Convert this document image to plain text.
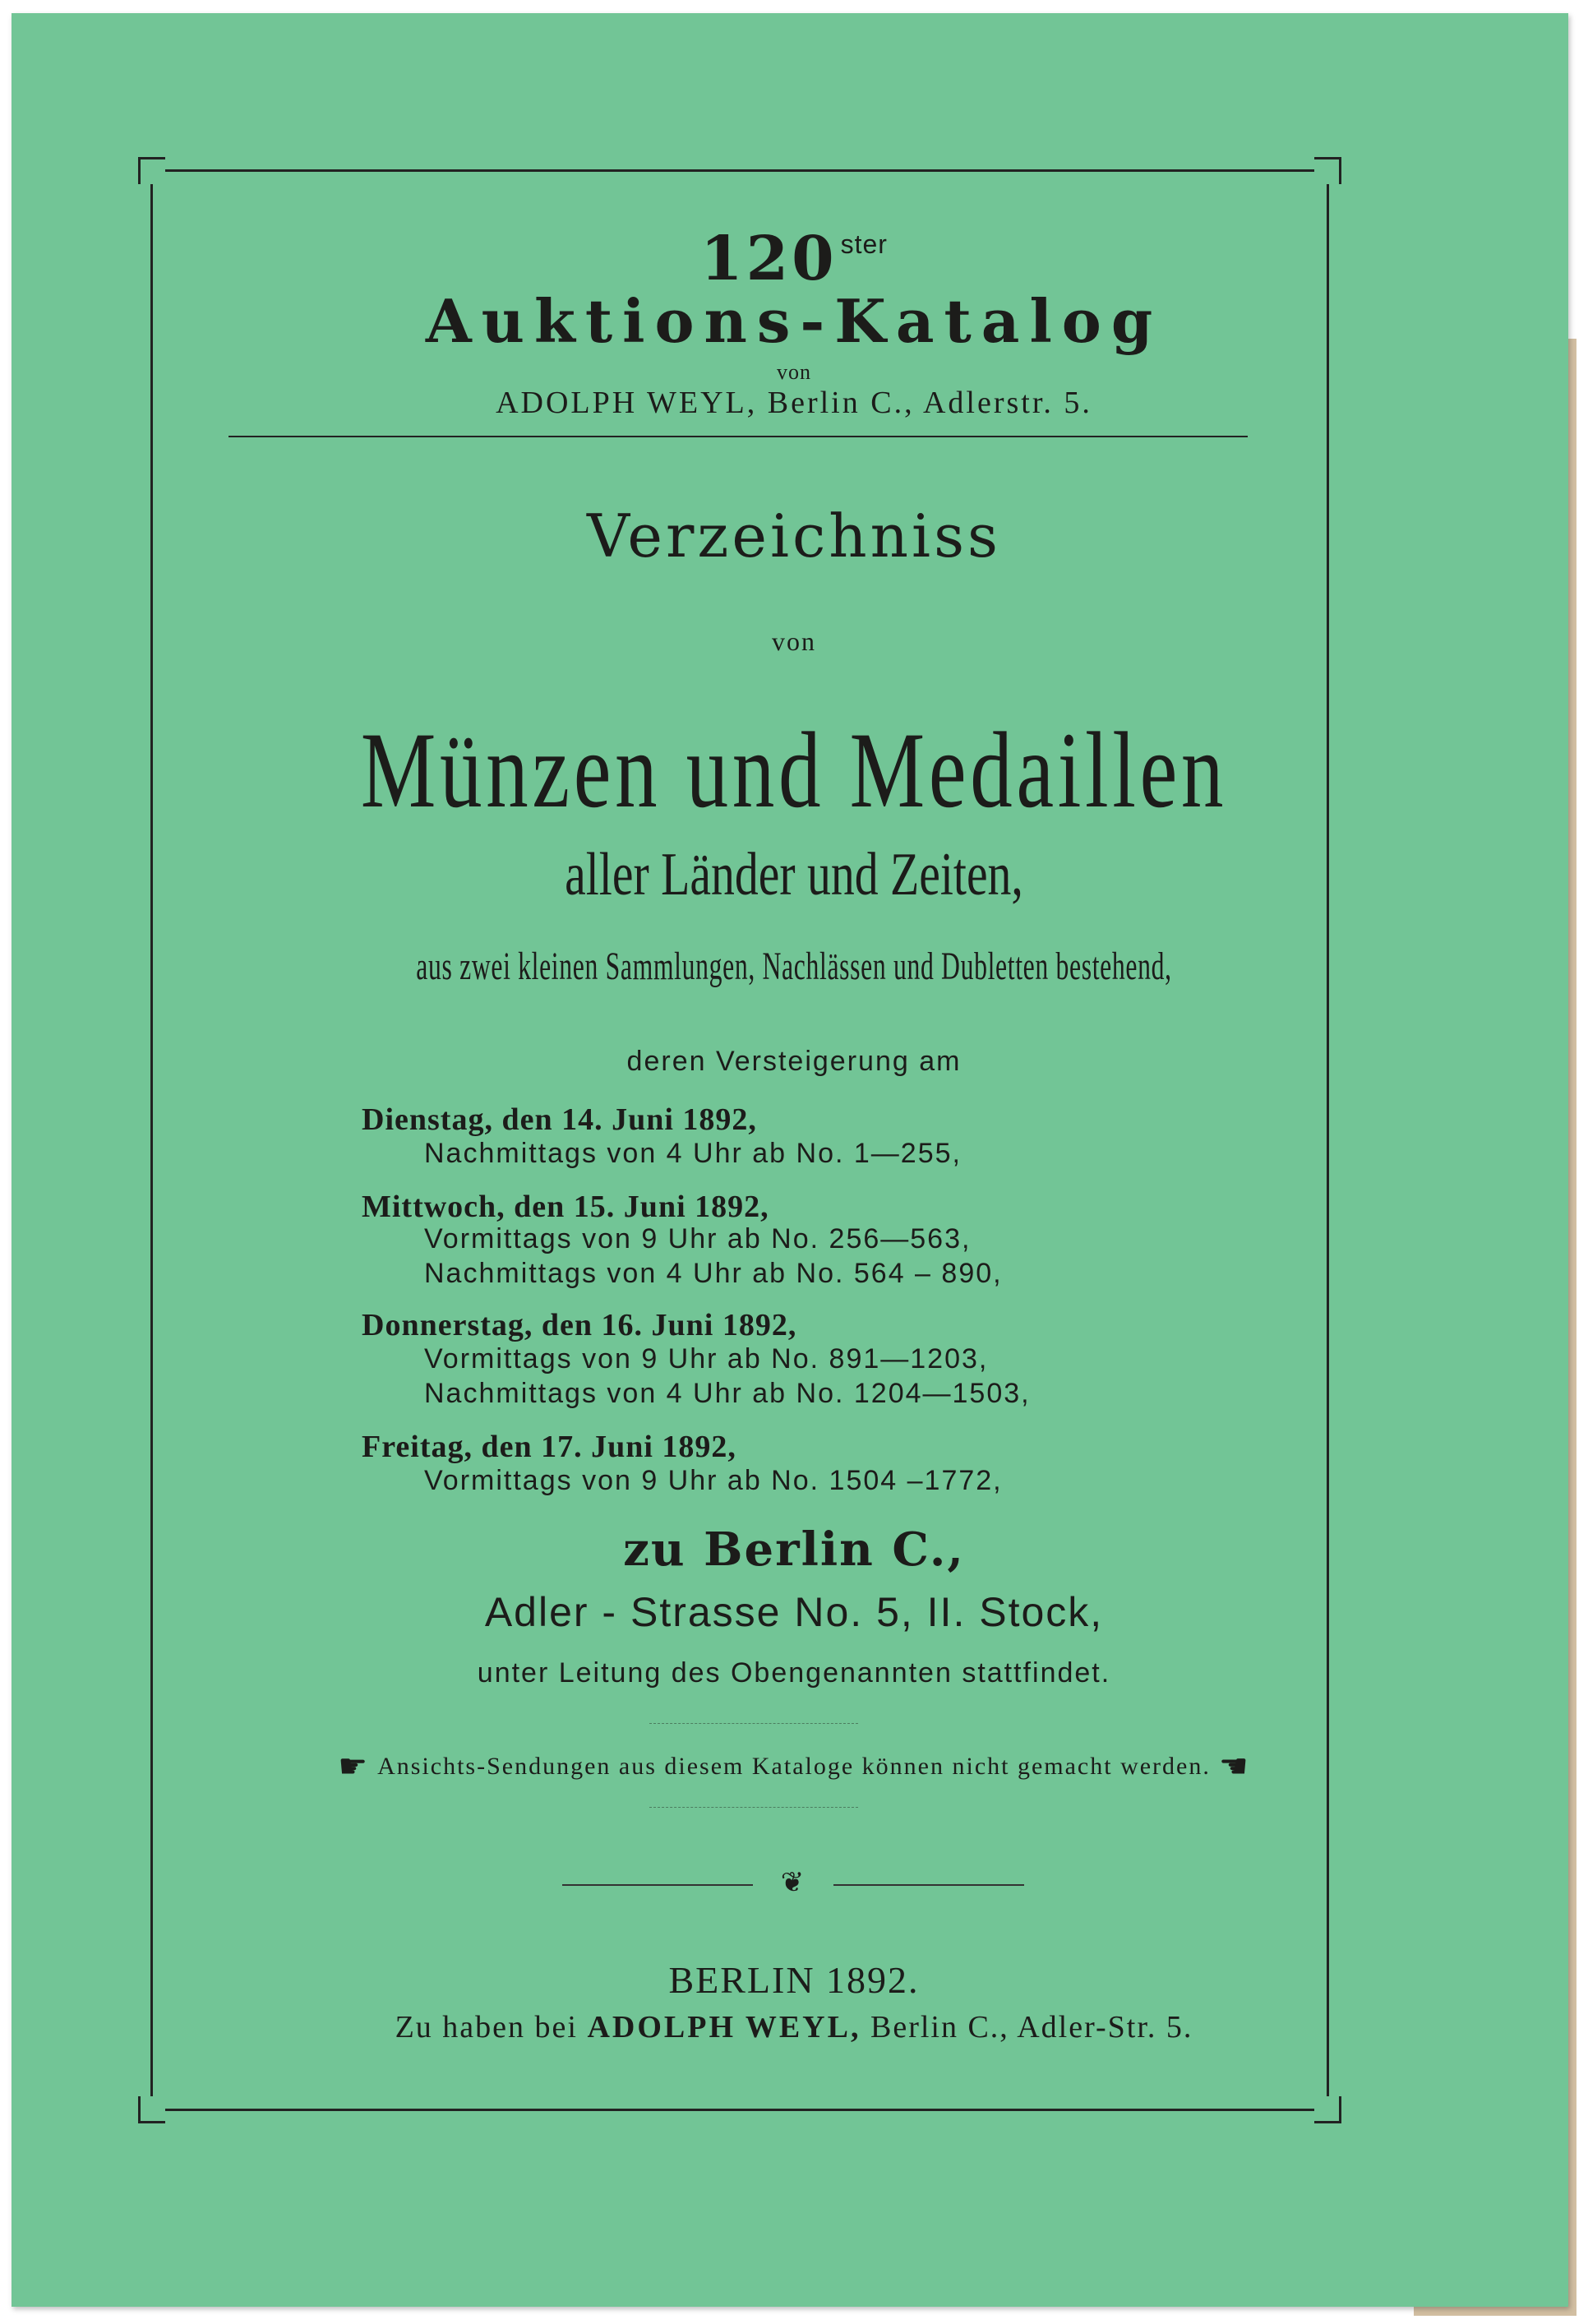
120 $^{ster}$
Auktions-Katalog
von
ADOLPH WEYL, Berlin C., Adlerstr. 5.
Verzeichniss
von
Münzen und Medaillen
aller Länder und Zeiten,
aus zwei kleinen Sammlungen, Nachlässen und Dubletten bestehend,
deren Versteigerung am
Dienstag, den 14. Juni 1892,
Nachmittags von 4 Uhr ab No. 1—255,
Mittwoch, den 15. Juni 1892,
Vormittags von 9 Uhr ab No. 256—563,
Nachmittags von 4 Uhr ab No. 564 – 890,
Donnerstag, den 16. Juni 1892,
Vormittags von 9 Uhr ab No. 891—1203,
Nachmittags von 4 Uhr ab No. 1204—1503,
Freitag, den 17. Juni 1892,
Vormittags von 9 Uhr ab No. 1504 –1772,
zu Berlin C.,
Adler - Strasse No. 5, II. Stock,
unter Leitung des Obengenannten stattfindet.
☛ Ansichts-Sendungen aus diesem Kataloge können nicht gemacht werden. ☚
❦
BERLIN 1892.
Zu haben bei ADOLPH WEYL, Berlin C., Adler-Str. 5.
